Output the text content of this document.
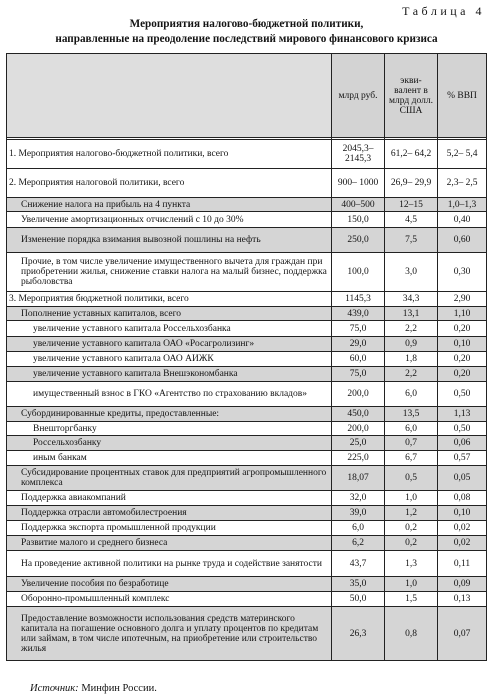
Таблица 4
Мероприятия налогово-бюджетной политики,
направленные на преодоление последствий мирового финансового кризиса
	млрд руб.	экви-валент в млрд долл. США	% ВВП

1. Мероприятия налогово-бюджетной политики, всего	2045,3– 2145,3	61,2– 64,2	5,2– 5,4
2. Мероприятия налоговой политики, всего	900– 1000	26,9– 29,9	2,3– 2,5
Снижение налога на прибыль на 4 пункта	400–500	12–15	1,0–1,3
Увеличение амортизационных отчислений с 10 до 30%	150,0	4,5	0,40
Изменение порядка взимания вывозной пошлины на нефть	250,0	7,5	0,60
Прочие, в том числе увеличение имущественного вычета для граждан при приобретении жилья, снижение ставки налога на малый бизнес, поддержка рыболовства	100,0	3,0	0,30
3. Мероприятия бюджетной политики, всего	1145,3	34,3	2,90
Пополнение уставных капиталов, всего	439,0	13,1	1,10
увеличение уставного капитала Россельхозбанка	75,0	2,2	0,20
увеличение уставного капитала ОАО «Росагролизинг»	29,0	0,9	0,10
увеличение уставного капитала ОАО АИЖК	60,0	1,8	0,20
увеличение уставного капитала Внешэкономбанка	75,0	2,2	0,20
имущественный взнос в ГКО «Агентство по страхованию вкладов»	200,0	6,0	0,50
Субординированные кредиты, предоставленные:	450,0	13,5	1,13
Внешторгбанку	200,0	6,0	0,50
Россельхозбанку	25,0	0,7	0,06
иным банкам	225,0	6,7	0,57
Субсидирование процентных ставок для предприятий агропромышленного комплекса	18,07	0,5	0,05
Поддержка авиакомпаний	32,0	1,0	0,08
Поддержка отрасли автомобилестроения	39,0	1,2	0,10
Поддержка экспорта промышленной продукции	6,0	0,2	0,02
Развитие малого и среднего бизнеса	6,2	0,2	0,02
На проведение активной политики на рынке труда и содействие занятости	43,7	1,3	0,11
Увеличение пособия по безработице	35,0	1,0	0,09
Оборонно-промышленный комплекс	50,0	1,5	0,13
Предоставление возможности использования средств материнского капитала на погашение основного долга и уплату процентов по кредитам или займам, в том числе ипотечным, на приобретение или строительство жилья	26,3	0,8	0,07
Источник: Минфин России.
